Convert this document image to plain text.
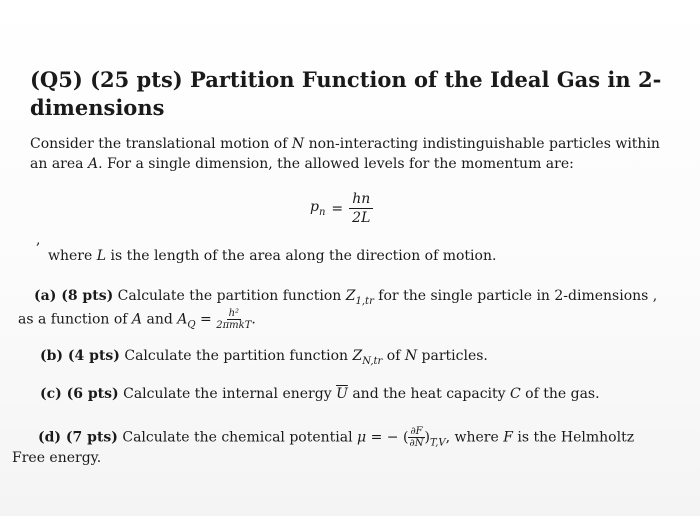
(Q5) (25 pts) Partition Function of the Ideal Gas in 2-dimensions
Consider the translational motion of N non-interacting indistinguishable particles within an area A. For a single dimension, the allowed levels for the momentum are:
$p_n = \frac{hn}{2L}$
,
where L is the length of the area along the direction of motion.
(a) (8 pts) Calculate the partition function $Z_{1,tr}$ for the single particle in 2-dimensions ,
as a function of A and $A_Q = \frac{\text{h²}}{\text{2πmkT}}$ .
(b) (4 pts) Calculate the partition function $Z_{N,tr}$ of N particles.
(c) (6 pts) Calculate the internal energy $\overline{U}$ and the heat capacity C of the gas.
(d) (7 pts) Calculate the chemical potential μ = − ( $\frac{\partial F}{\partial N} )_{T,V}$, where F is the Helmholtz
Free energy.
